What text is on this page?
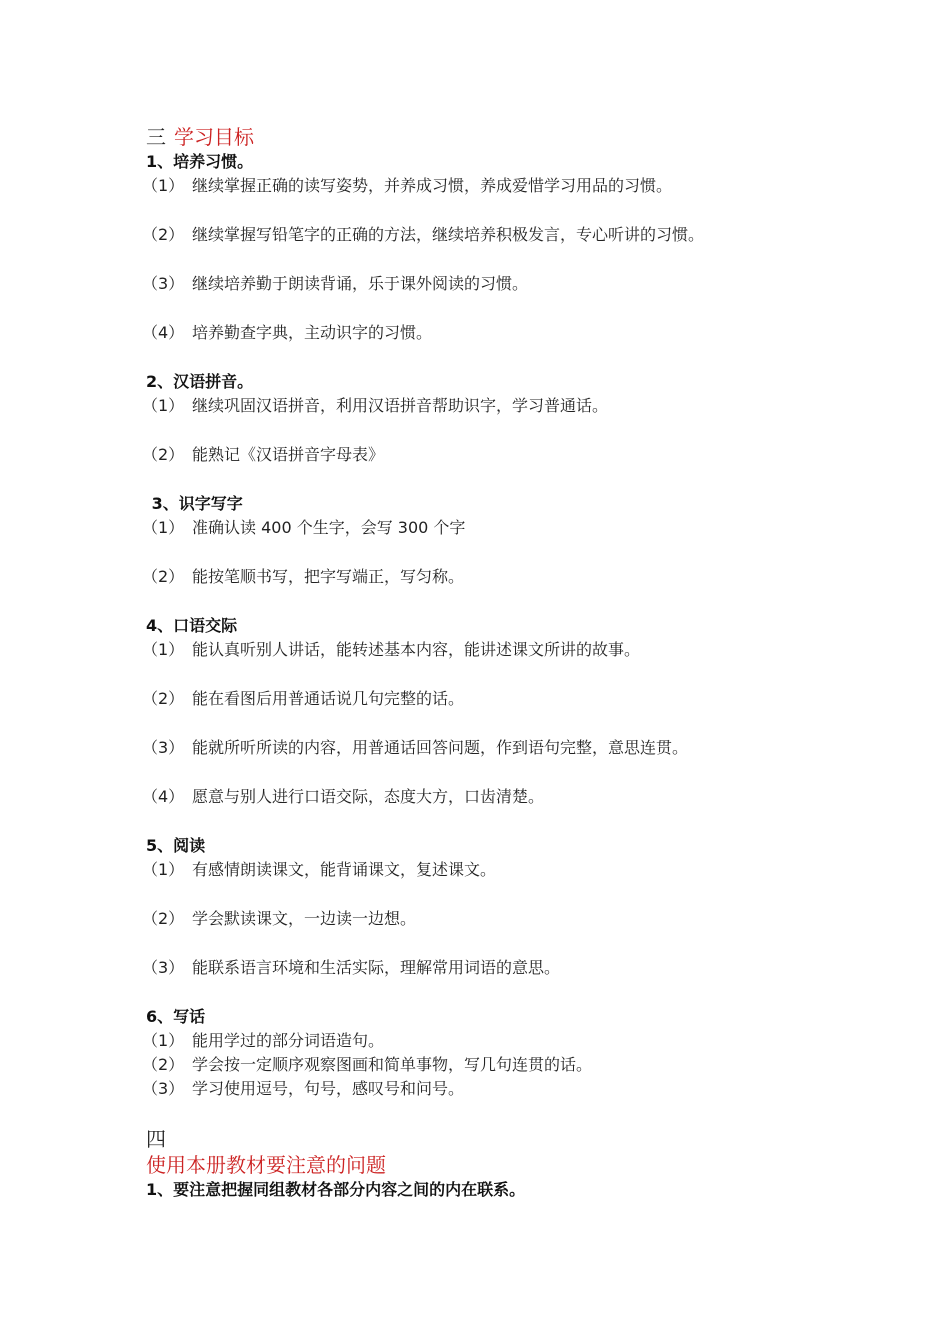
三 学习目标
1、培养习惯。
（1） 继续掌握正确的读写姿势，并养成习惯，养成爱惜学习用品的习惯。
（2） 继续掌握写铅笔字的正确的方法，继续培养积极发言，专心听讲的习惯。
（3） 继续培养勤于朗读背诵，乐于课外阅读的习惯。
（4） 培养勤查字典，主动识字的习惯。
2、汉语拼音。
（1） 继续巩固汉语拼音，利用汉语拼音帮助识字，学习普通话。
（2） 能熟记《汉语拼音字母表》
3、识字写字
（1） 准确认读 400 个生字，会写 300 个字
（2） 能按笔顺书写，把字写端正，写匀称。
4、口语交际
（1） 能认真听别人讲话，能转述基本内容，能讲述课文所讲的故事。
（2） 能在看图后用普通话说几句完整的话。
（3） 能就所听所读的内容，用普通话回答问题，作到语句完整，意思连贯。
（4） 愿意与别人进行口语交际，态度大方，口齿清楚。
5、阅读
（1） 有感情朗读课文，能背诵课文，复述课文。
（2） 学会默读课文，一边读一边想。
（3） 能联系语言环境和生活实际，理解常用词语的意思。
6、写话
（1） 能用学过的部分词语造句。
（2） 学会按一定顺序观察图画和简单事物，写几句连贯的话。
（3） 学习使用逗号，句号，感叹号和问号。
四
使用本册教材要注意的问题
1、要注意把握同组教材各部分内容之间的内在联系。
